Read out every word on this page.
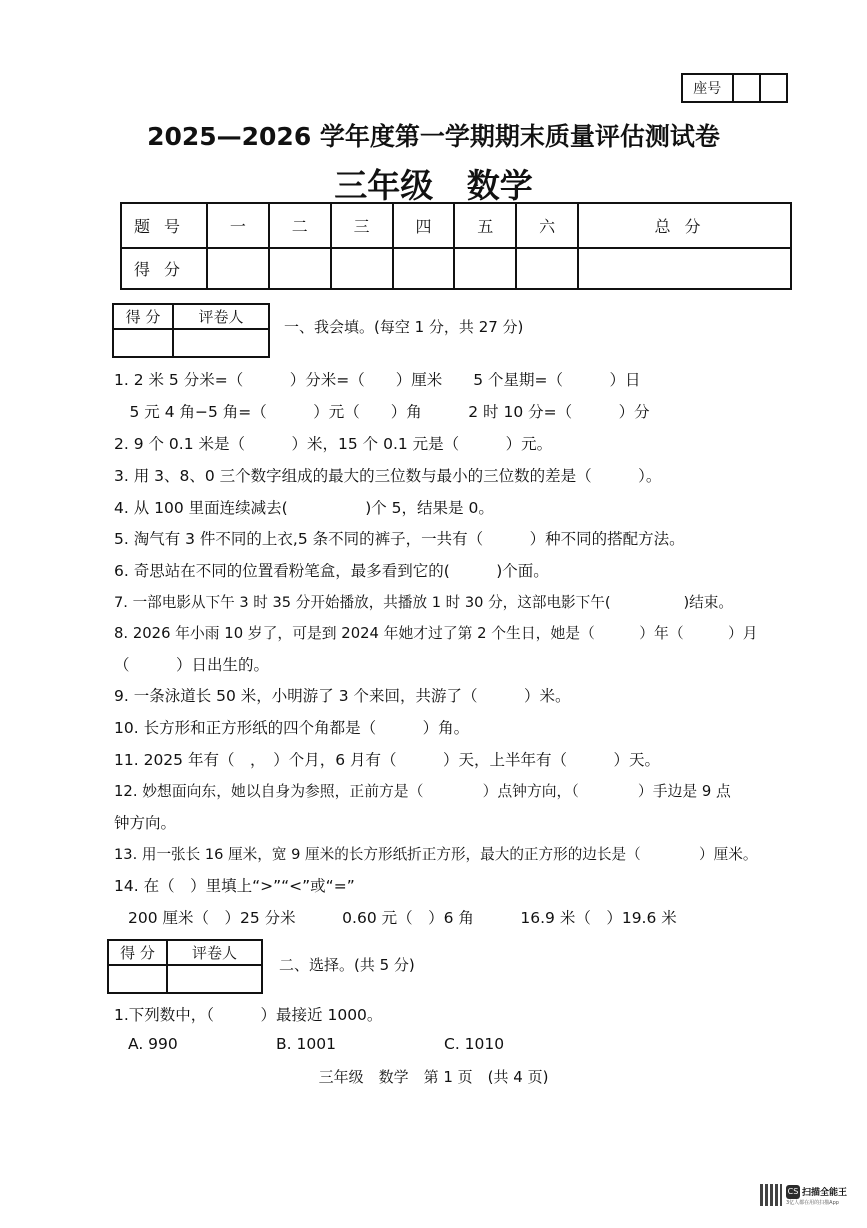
座号
2025—2026 学年度第一学期期末质量评估测试卷
三年级 数学
题号	一	二	三	四	五	六	总分
得分							
得 分	评卷人

一、我会填。(每空 1 分，共 27 分)
1. 2 米 5 分米=（　　　）分米=（　　）厘米　　5 个星期=（　　　）日
　5 元 4 角−5 角=（　　　）元（　　）角　　　2 时 10 分=（　　　）分
2. 9 个 0.1 米是（　　　）米，15 个 0.1 元是（　　　）元。
3. 用 3、8、0 三个数字组成的最大的三位数与最小的三位数的差是（　　　）。
4. 从 100 里面连续减去(　　　　　)个 5，结果是 0。
5. 淘气有 3 件不同的上衣,5 条不同的裤子，一共有（　　　）种不同的搭配方法。
6. 奇思站在不同的位置看粉笔盒，最多看到它的(　　　)个面。
7. 一部电影从下午 3 时 35 分开始播放，共播放 1 时 30 分，这部电影下午(　　　　　)结束。
8. 2026 年小雨 10 岁了，可是到 2024 年她才过了第 2 个生日，她是（　　　）年（　　　）月
（　　　）日出生的。
9. 一条泳道长 50 米，小明游了 3 个来回，共游了（　　　）米。
10. 长方形和正方形纸的四个角都是（　　　）角。
11. 2025 年有（　，　）个月，6 月有（　　　）天，上半年有（　　　）天。
12. 妙想面向东，她以自身为参照，正前方是（　　　　）点钟方向，（　　　　）手边是 9 点
钟方向。
13. 用一张长 16 厘米，宽 9 厘米的长方形纸折正方形，最大的正方形的边长是（　　　　）厘米。
14. 在（　）里填上“>”“<”或“=”
200 厘米（　）25 分米　　　0.60 元（　）6 角　　　16.9 米（　）19.6 米
得 分	评卷人

二、选择。(共 5 分)
1.下列数中，（　　　）最接近 1000。
A. 990	B. 1001	C. 1010
三年级　数学　第 1 页　(共 4 页)
CS 扫描全能王
3亿人都在用的扫描App
